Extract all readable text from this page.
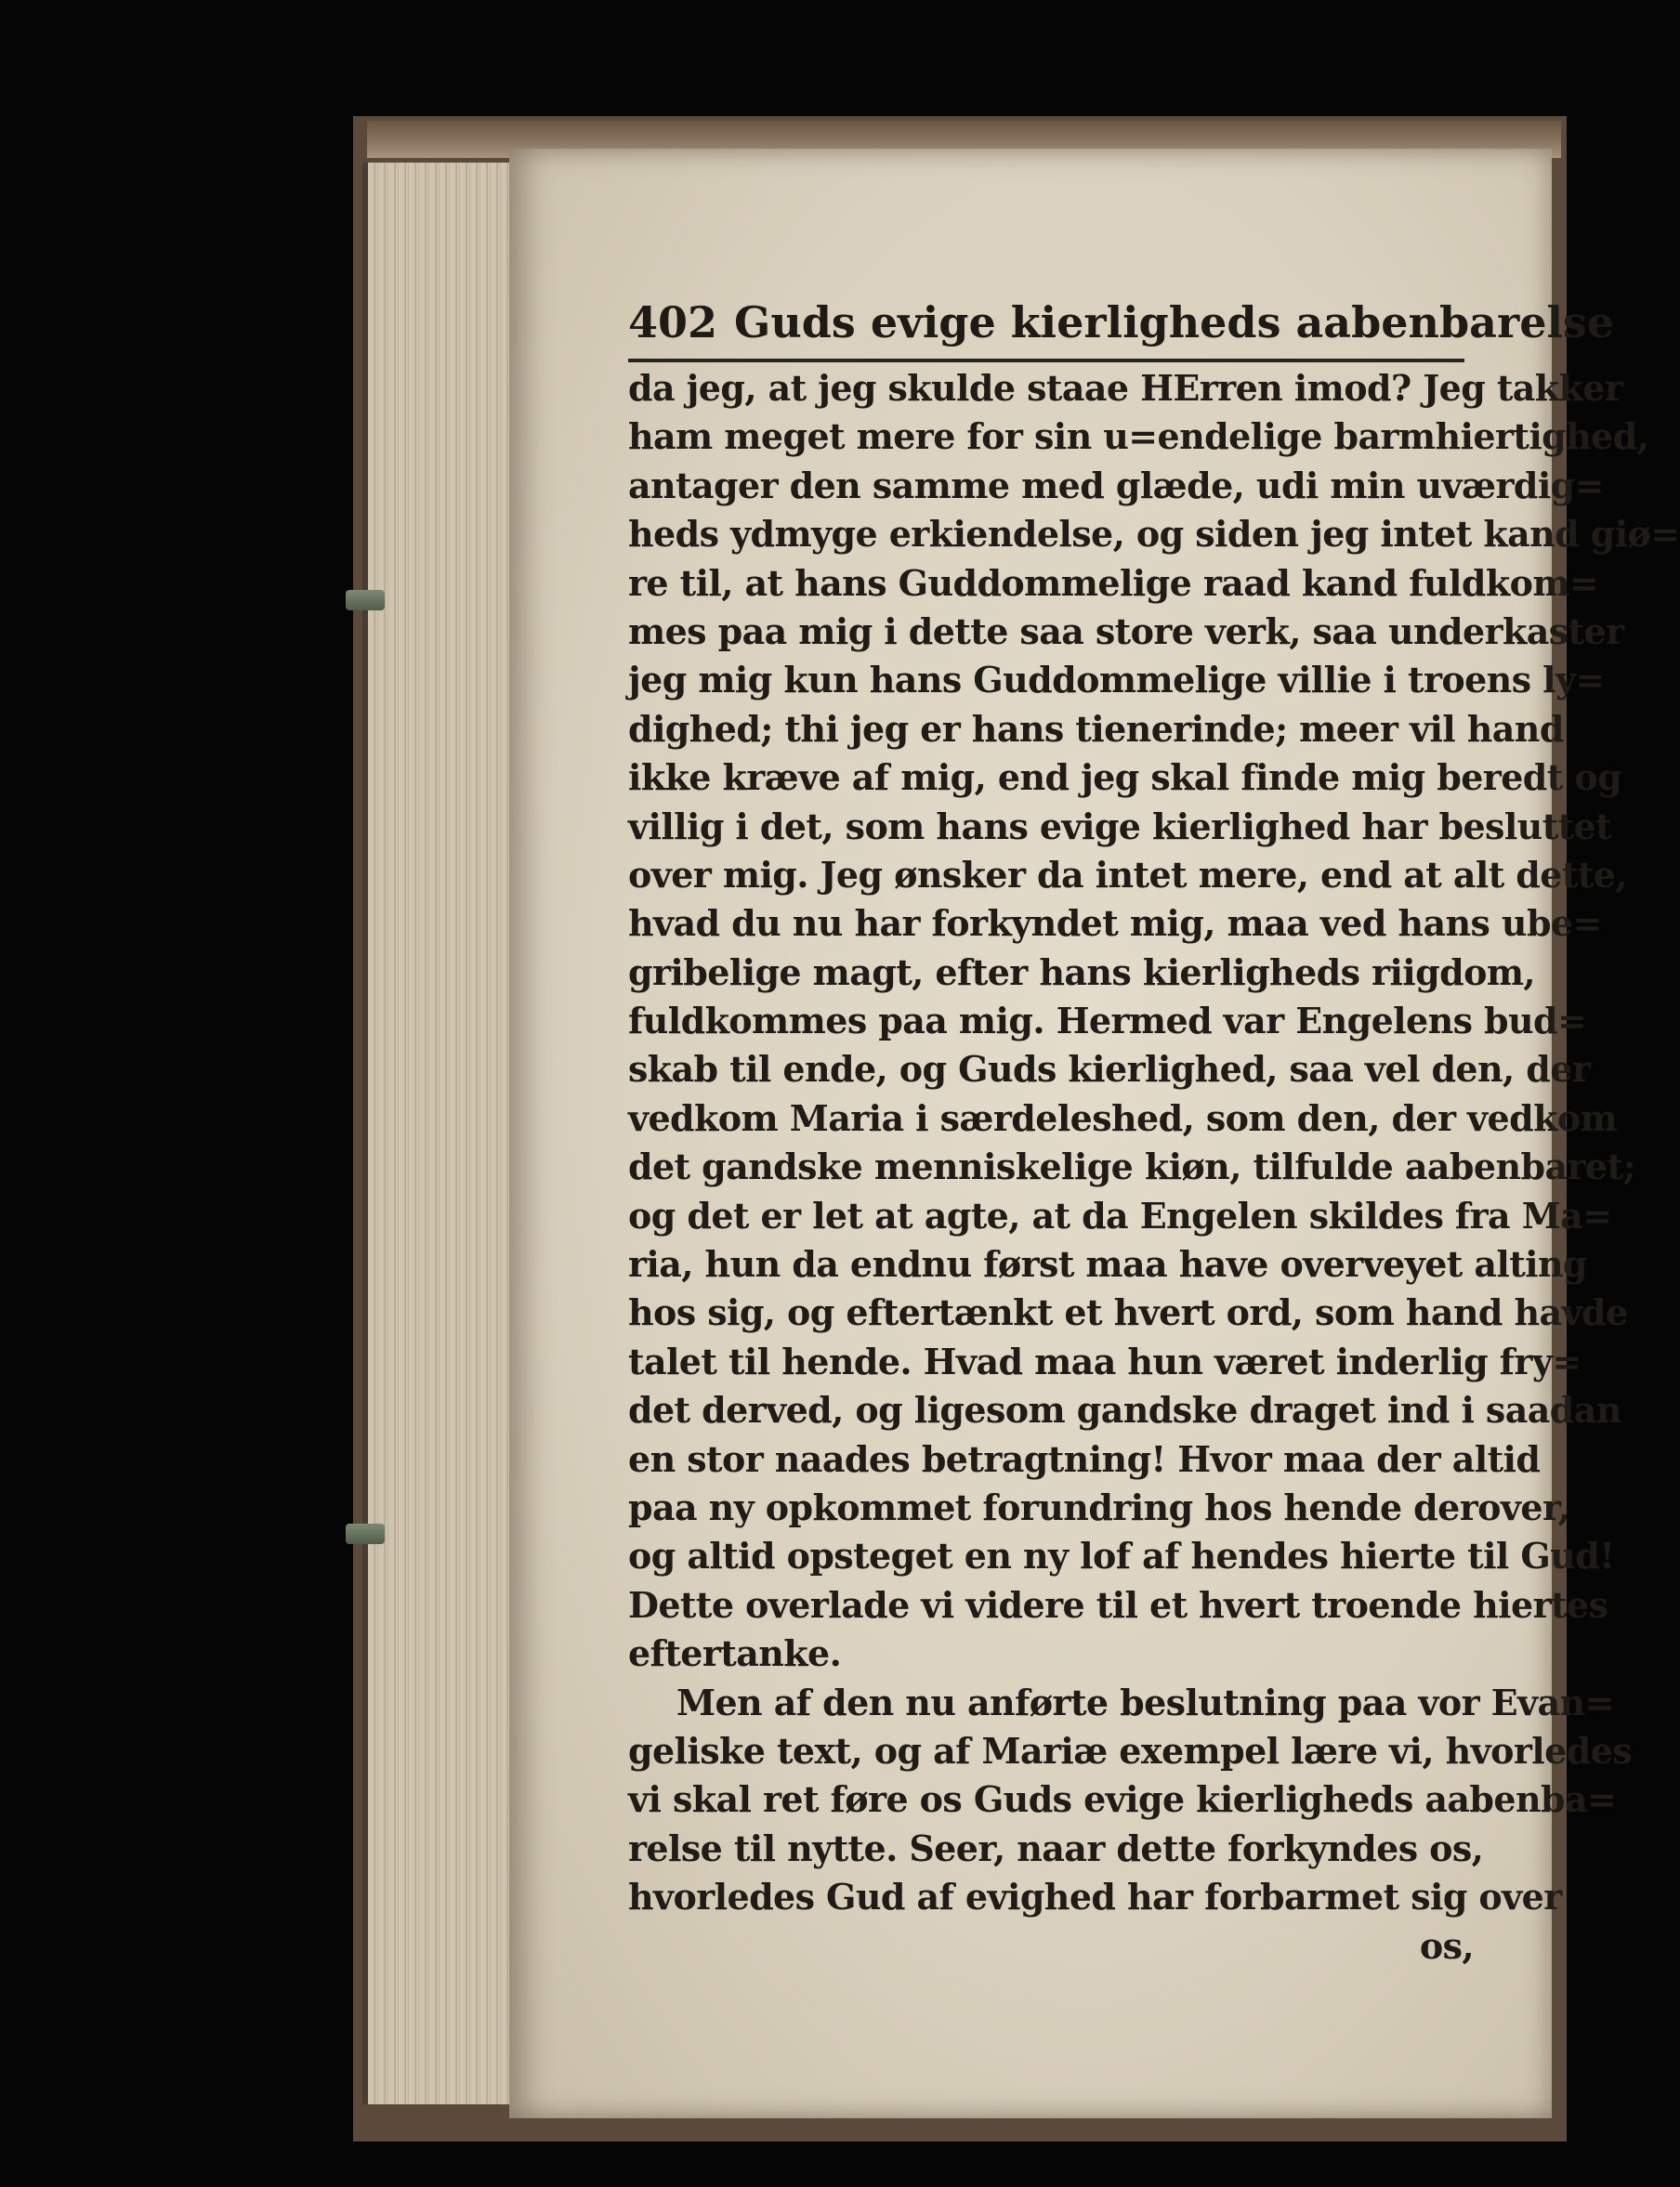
402 Guds evige kierligheds aabenbarelse
da jeg, at jeg skulde staae HErren imod? Jeg takker
ham meget mere for sin u=endelige barmhiertighed,
antager den samme med glæde, udi min uværdig=
heds ydmyge erkiendelse, og siden jeg intet kand giø=
re til, at hans Guddommelige raad kand fuldkom=
mes paa mig i dette saa store verk, saa underkaster
jeg mig kun hans Guddommelige villie i troens ly=
dighed; thi jeg er hans tienerinde; meer vil hand
ikke kræve af mig, end jeg skal finde mig beredt og
villig i det, som hans evige kierlighed har besluttet
over mig. Jeg ønsker da intet mere, end at alt dette,
hvad du nu har forkyndet mig, maa ved hans ube=
gribelige magt, efter hans kierligheds riigdom,
fuldkommes paa mig. Hermed var Engelens bud=
skab til ende, og Guds kierlighed, saa vel den, der
vedkom Maria i særdeleshed, som den, der vedkom
det gandske menniskelige kiøn, tilfulde aabenbaret;
og det er let at agte, at da Engelen skildes fra Ma=
ria, hun da endnu først maa have overveyet alting
hos sig, og eftertænkt et hvert ord, som hand havde
talet til hende. Hvad maa hun været inderlig fry=
det derved, og ligesom gandske draget ind i saadan
en stor naades betragtning! Hvor maa der altid
paa ny opkommet forundring hos hende derover,
og altid opsteget en ny lof af hendes hierte til Gud!
Dette overlade vi videre til et hvert troende hiertes
eftertanke.
Men af den nu anførte beslutning paa vor Evan=
geliske text, og af Mariæ exempel lære vi, hvorledes
vi skal ret føre os Guds evige kierligheds aabenba=
relse til nytte. Seer, naar dette forkyndes os,
hvorledes Gud af evighed har forbarmet sig over
os,
